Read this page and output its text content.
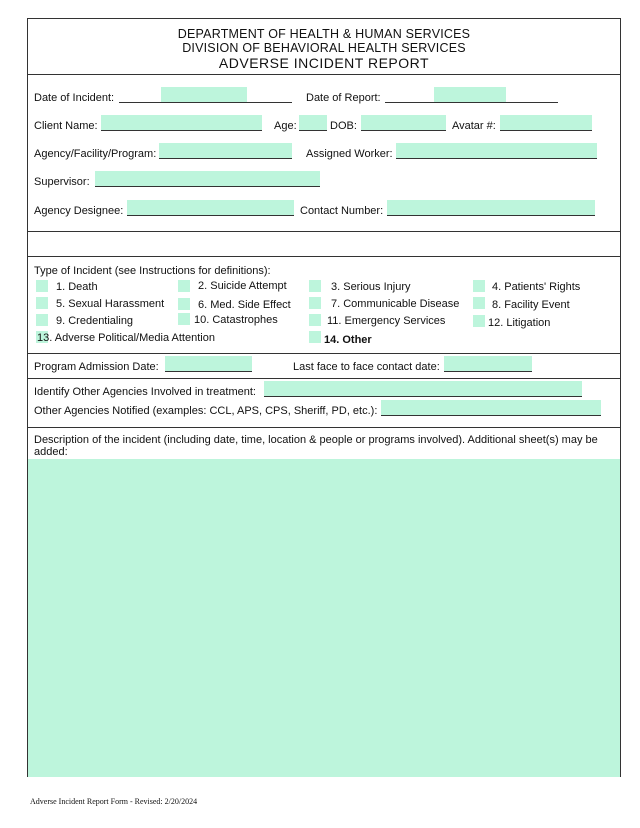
DEPARTMENT OF HEALTH & HUMAN SERVICES
DIVISION OF BEHAVIORAL HEALTH SERVICES
ADVERSE INCIDENT REPORT
Date of Incident:	Date of Report:
Client Name:	Age:	DOB:	Avatar #:
Agency/Facility/Program:	Assigned Worker:
Supervisor:
Agency Designee:	Contact Number:
Type of Incident (see Instructions for definitions):
1. Death	2. Suicide Attempt	3. Serious Injury	4. Patients' Rights
5. Sexual Harassment	6. Med. Side Effect	7. Communicable Disease	8. Facility Event
9. Credentialing	10. Catastrophes	11. Emergency Services	12. Litigation
13. Adverse Political/Media Attention	14. Other
Program Admission Date:	Last face to face contact date:
Identify Other Agencies Involved in treatment:
Other Agencies Notified (examples: CCL, APS, CPS, Sheriff, PD, etc.):
Description of the incident (including date, time, location & people or programs involved). Additional sheet(s) may be added:
Adverse Incident Report Form - Revised: 2/20/2024
